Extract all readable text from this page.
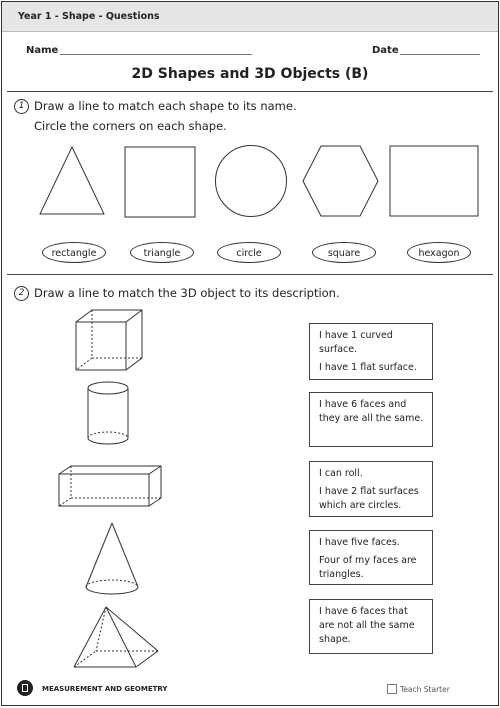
Year 1 - Shape - Questions
Name	Date
2D Shapes and 3D Objects (B)
1 Draw a line to match each shape to its name.
Circle the corners on each shape.
rectangle	triangle	circle	square	hexagon
2 Draw a line to match the 3D object to its description.

I have 1 curved surface.

I have 1 flat surface.

I have 6 faces and they are all the same.

I can roll.

I have 2 flat surfaces which are circles.

I have five faces.

Four of my faces are triangles.

I have 6 faces that are not all the same shape.

MEASUREMENT AND GEOMETRY	Teach Starter
